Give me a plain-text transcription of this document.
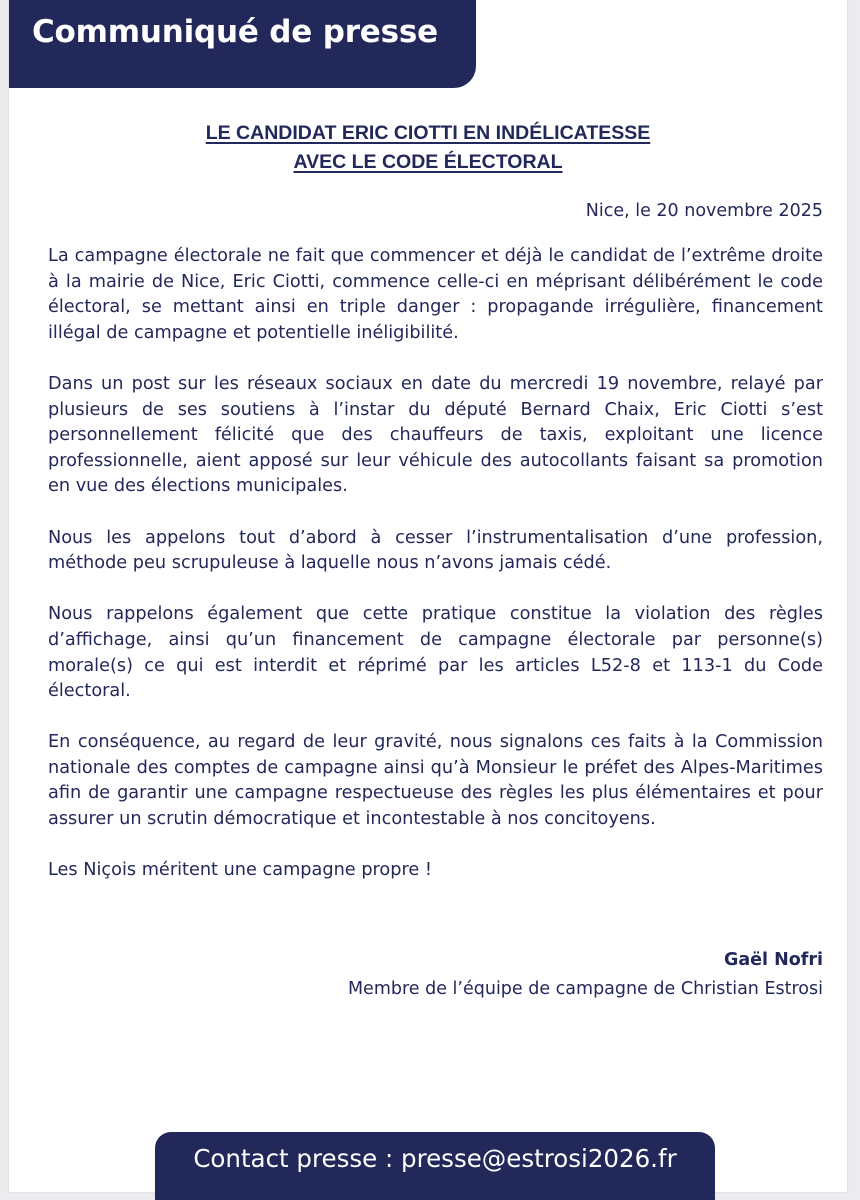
Communiqué de presse
LE CANDIDAT ERIC CIOTTI EN INDÉLICATESSE
AVEC LE CODE ÉLECTORAL
Nice, le 20 novembre 2025

La campagne électorale ne fait que commencer et déjà le candidat de l’extrême droite à la mairie de Nice, Eric Ciotti, commence celle-ci en méprisant délibérément le code électoral, se mettant ainsi en triple danger : propagande irrégulière, financement illégal de campagne et potentielle inéligibilité.

Dans un post sur les réseaux sociaux en date du mercredi 19 novembre, relayé par plusieurs de ses soutiens à l’instar du député Bernard Chaix, Eric Ciotti s’est personnellement félicité que des chauffeurs de taxis, exploitant une licence professionnelle, aient apposé sur leur véhicule des autocollants faisant sa promotion en vue des élections municipales.

Nous les appelons tout d’abord à cesser l’instrumentalisation d’une profession, méthode peu scrupuleuse à laquelle nous n’avons jamais cédé.

Nous rappelons également que cette pratique constitue la violation des règles d’affichage, ainsi qu’un financement de campagne électorale par personne(s) morale(s) ce qui est interdit et réprimé par les articles L52-8 et 113-1 du Code électoral.

En conséquence, au regard de leur gravité, nous signalons ces faits à la Commission nationale des comptes de campagne ainsi qu’à Monsieur le préfet des Alpes-Maritimes afin de garantir une campagne respectueuse des règles les plus élémentaires et pour assurer un scrutin démocratique et incontestable à nos concitoyens.

Les Niçois méritent une campagne propre !

Gaël Nofri
Membre de l’équipe de campagne de Christian Estrosi
Contact presse : presse@estrosi2026.fr
